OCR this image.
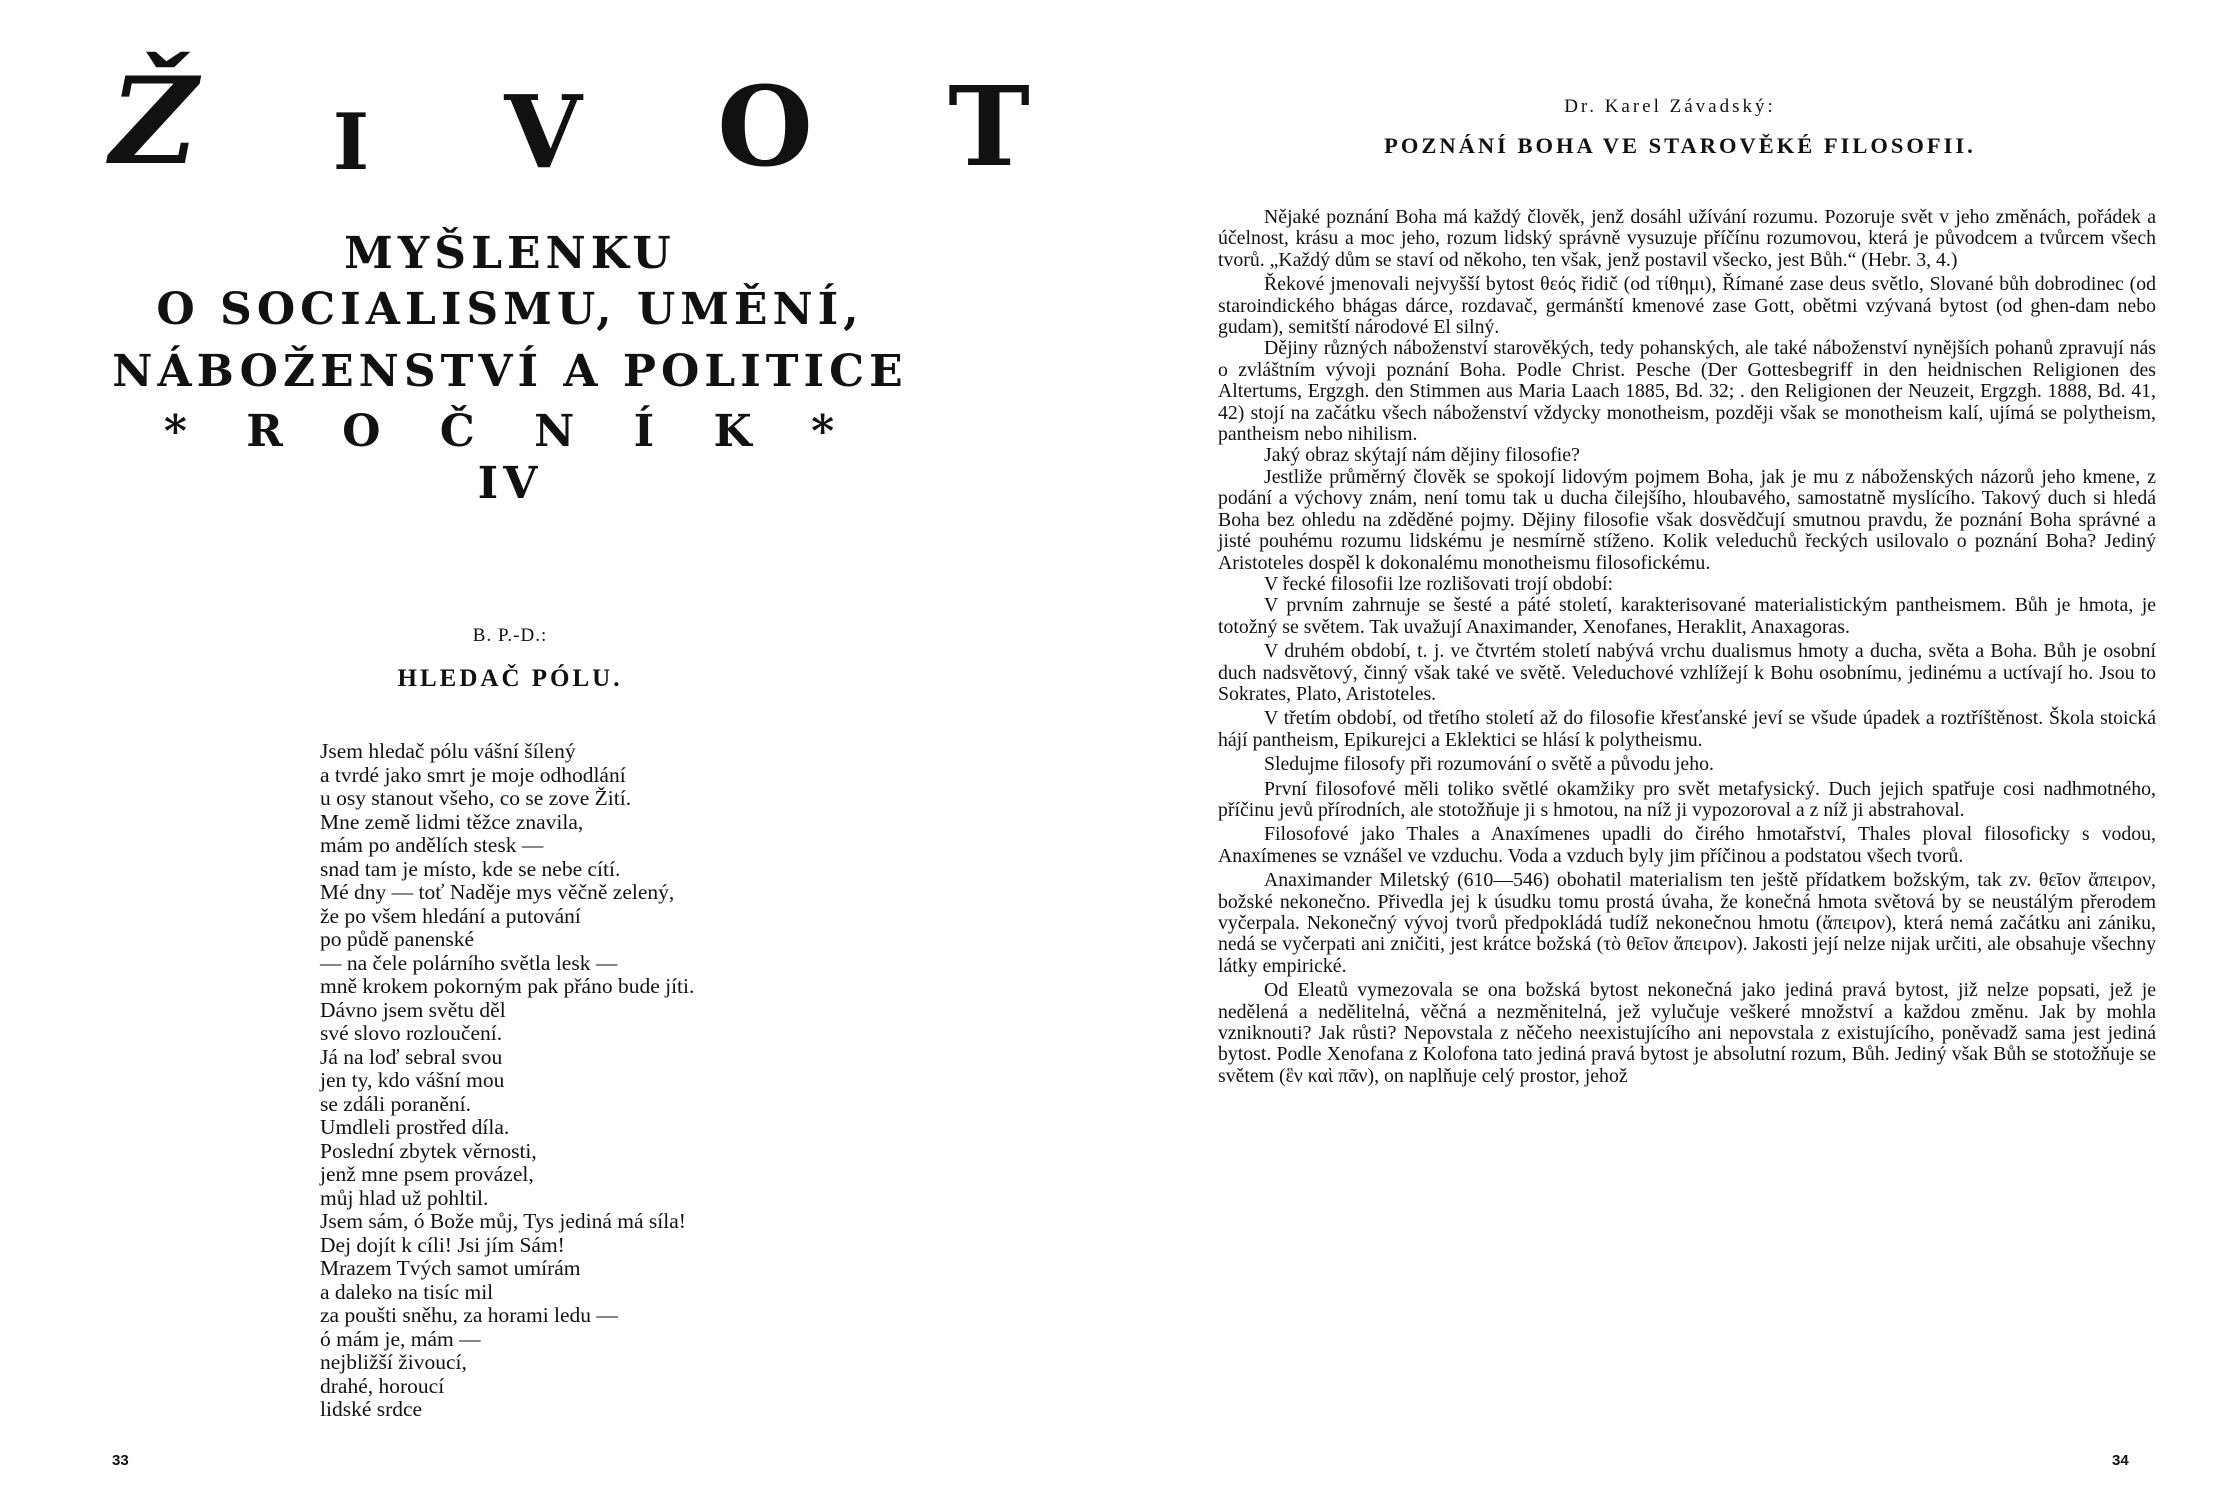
Ž I V O T
MYŠLENKU
O SOCIALISMU, UMĚNÍ,
NÁBOŽENSTVÍ A POLITICE
* R O Č N Í K *
IV
B. P.-D.:
HLEDAČ PÓLU.
Jsem hledač pólu vášní šílený
a tvrdé jako smrt je moje odhodlání
u osy stanout všeho, co se zove Žití.
Mne země lidmi těžce znavila,
mám po andělích stesk —
snad tam je místo, kde se nebe cítí.
Mé dny — toť Naděje mys věčně zelený,
že po všem hledání a putování
po půdě panenské
— na čele polárního světla lesk —
mně krokem pokorným pak přáno bude jíti.
Dávno jsem světu děl
své slovo rozloučení.
Já na loď sebral svou
jen ty, kdo vášní mou
se zdáli poranění.
Umdleli prostřed díla.
Poslední zbytek věrnosti,
jenž mne psem provázel,
můj hlad už pohltil.
Jsem sám, ó Bože můj, Tys jediná má síla!
Dej dojít k cíli! Jsi jím Sám!
Mrazem Tvých samot umírám
a daleko na tisíc mil
za poušti sněhu, za horami ledu —
ó mám je, mám —
nejbližší živoucí,
drahé, horoucí
lidské srdce
33
Dr. Karel Závadský:
POZNÁNÍ BOHA VE STAROVĚKÉ FILOSOFII.

Nějaké poznání Boha má každý člověk, jenž dosáhl užívání rozumu. Pozoruje svět v jeho změnách, pořádek a účelnost, krásu a moc jeho, rozum lidský správně vysuzuje příčínu rozumovou, která je původcem a tvůrcem všech tvorů. „Každý dům se staví od někoho, ten však, jenž postavil všecko, jest Bůh.“ (Hebr. 3, 4.)

Řekové jmenovali nejvyšší bytost θεός řidič (od τίθημι), Římané zase deus světlo, Slované bůh dobrodinec (od staroindického bhágas dárce, rozdavač, germánští kmenové zase Gott, obětmi vzývaná bytost (od ghen-dam nebo gudam), semitští národové El silný.

Dějiny různých náboženství starověkých, tedy pohanských, ale také náboženství nynějších pohanů zpravují nás o zvláštním vývoji poznání Boha. Podle Christ. Pesche (Der Gottesbegriff in den heidnischen Religionen des Altertums, Ergzgh. den Stimmen aus Maria Laach 1885, Bd. 32; . den Religionen der Neuzeit, Ergzgh. 1888, Bd. 41, 42) stojí na začátku všech náboženství vždycky monotheism, později však se monotheism kalí, ujímá se polytheism, pantheism nebo nihilism.

Jaký obraz skýtají nám dějiny filosofie?

Jestliže průměrný člověk se spokojí lidovým pojmem Boha, jak je mu z náboženských názorů jeho kmene, z podání a výchovy znám, není tomu tak u ducha čilejšího, hloubavého, samostatně myslícího. Takový duch si hledá Boha bez ohledu na zděděné pojmy. Dějiny filosofie však dosvědčují smutnou pravdu, že poznání Boha správné a jisté pouhému rozumu lidskému je nesmírně stíženo. Kolik veleduchů řeckých usilovalo o poznání Boha? Jediný Aristoteles dospěl k dokonalému monotheismu filosofickému.

V řecké filosofii lze rozlišovati trojí období:

V prvním zahrnuje se šesté a páté století, karakterisované materialistickým pantheismem. Bůh je hmota, je totožný se světem. Tak uvažují Anaximander, Xenofanes, Heraklit, Anaxagoras.

V druhém období, t. j. ve čtvrtém století nabývá vrchu dualismus hmoty a ducha, světa a Boha. Bůh je osobní duch nadsvětový, činný však také ve světě. Veleduchové vzhlížejí k Bohu osobnímu, jedinému a uctívají ho. Jsou to Sokrates, Plato, Aristoteles.

V třetím období, od třetího století až do filosofie křesťanské jeví se všude úpadek a roztříštěnost. Škola stoická hájí pantheism, Epikurejci a Eklektici se hlásí k polytheismu.

Sledujme filosofy při rozumování o světě a původu jeho.

První filosofové měli toliko světlé okamžiky pro svět metafysický. Duch jejich spatřuje cosi nadhmotného, příčinu jevů přírodních, ale stotožňuje ji s hmotou, na níž ji vypozoroval a z níž ji abstrahoval.

Filosofové jako Thales a Anaxímenes upadli do čirého hmotařství, Thales ploval filosoficky s vodou, Anaxímenes se vznášel ve vzduchu. Voda a vzduch byly jim příčinou a podstatou všech tvorů.

Anaximander Miletský (610—546) obohatil materialism ten ještě přídatkem božským, tak zv. θεῖον ἄπειρον, božské nekonečno. Přivedla jej k úsudku tomu prostá úvaha, že konečná hmota světová by se neustálým přerodem vyčerpala. Nekonečný vývoj tvorů předpokládá tudíž nekonečnou hmotu (ἄπειρον), která nemá začátku ani zániku, nedá se vyčerpati ani zničiti, jest krátce božská (τὸ θεῖον ἄπειρον). Jakosti její nelze nijak určiti, ale obsahuje všechny látky empirické.

Od Eleatů vymezovala se ona božská bytost nekonečná jako jediná pravá bytost, již nelze popsati, jež je nedělená a nedělitelná, věčná a nezměnitelná, jež vylučuje veškeré množství a každou změnu. Jak by mohla vzniknouti? Jak růsti? Nepovstala z něčeho neexistujícího ani nepovstala z existujícího, poněvadž sama jest jediná bytost. Podle Xenofana z Kolofona tato jediná pravá bytost je absolutní rozum, Bůh. Jediný však Bůh se stotožňuje se světem (ἓν καὶ πᾶν), on naplňuje celý prostor, jehož

34
